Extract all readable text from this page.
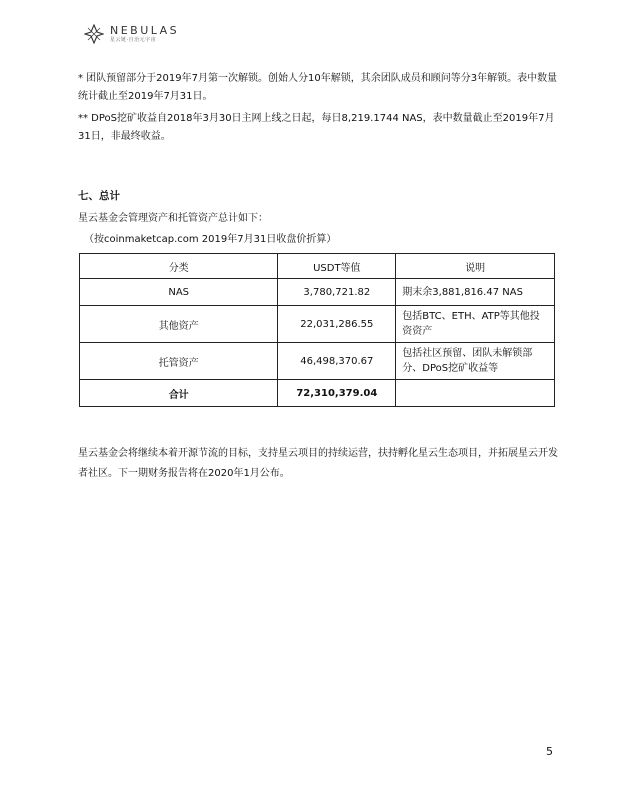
NEBULAS
星云链·自治元宇宙
* 团队预留部分于2019年7月第一次解锁。创始人分10年解锁，其余团队成员和顾问等分3年解锁。表中数量统计截止至2019年7月31日。
** DPoS挖矿收益自2018年3月30日主网上线之日起，每日8,219.1744 NAS，表中数量截止至2019年7月31日，非最终收益。
七、总计
星云基金会管理资产和托管资产总计如下：
（按coinmaketcap.com 2019年7月31日收盘价折算）
分类	USDT等值	说明
NAS	3,780,721.82	期末余3,881,816.47 NAS
其他资产	22,031,286.55	包括BTC、ETH、ATP等其他投资资产
托管资产	46,498,370.67	包括社区预留、团队未解锁部分、DPoS挖矿收益等
合计	72,310,379.04	
星云基金会将继续本着开源节流的目标，支持星云项目的持续运营，扶持孵化星云生态项目，并拓展星云开发者社区。下一期财务报告将在2020年1月公布。
5
